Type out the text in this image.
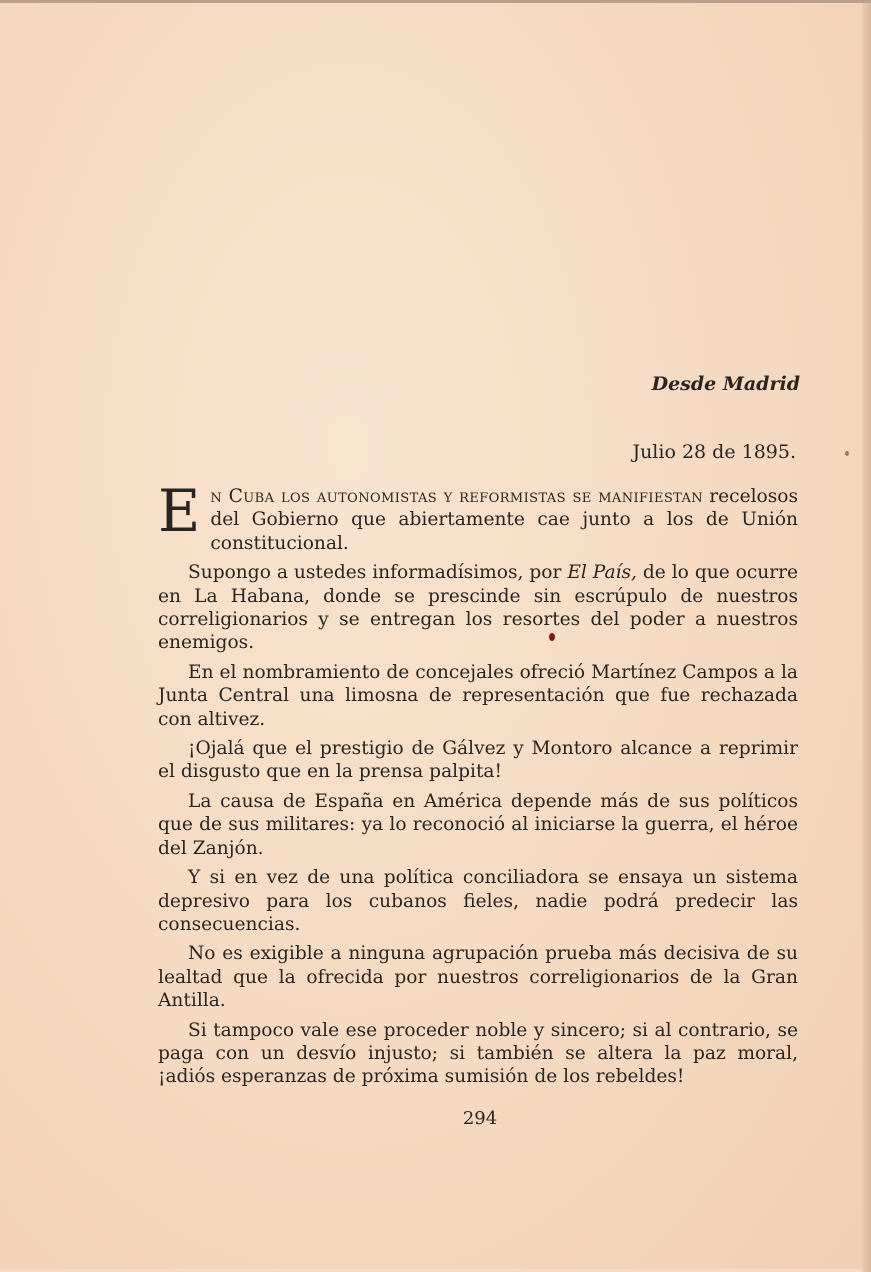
Desde Madrid
Julio 28 de 1895.

En Cuba los autonomistas y reformistas se manifiestan recelosos del Gobierno que abiertamente cae junto a los de Unión constitucional.

Supongo a ustedes informadísimos, por El País, de lo que ocurre en La Habana, donde se prescinde sin escrúpulo de nuestros correligionarios y se entregan los resortes del poder a nuestros enemigos.

En el nombramiento de concejales ofreció Martínez Campos a la Junta Central una limosna de representación que fue rechazada con altivez.

¡Ojalá que el prestigio de Gálvez y Montoro alcance a reprimir el disgusto que en la prensa palpita!

La causa de España en América depende más de sus políticos que de sus militares: ya lo reconoció al iniciarse la guerra, el héroe del Zanjón.

Y si en vez de una política conciliadora se ensaya un sistema depresivo para los cubanos fieles, nadie podrá predecir las consecuencias.

No es exigible a ninguna agrupación prueba más decisiva de su lealtad que la ofrecida por nuestros correligionarios de la Gran Antilla.

Si tampoco vale ese proceder noble y sincero; si al contrario, se paga con un desvío injusto; si también se altera la paz moral, ¡adiós esperanzas de próxima sumisión de los rebeldes!

294
